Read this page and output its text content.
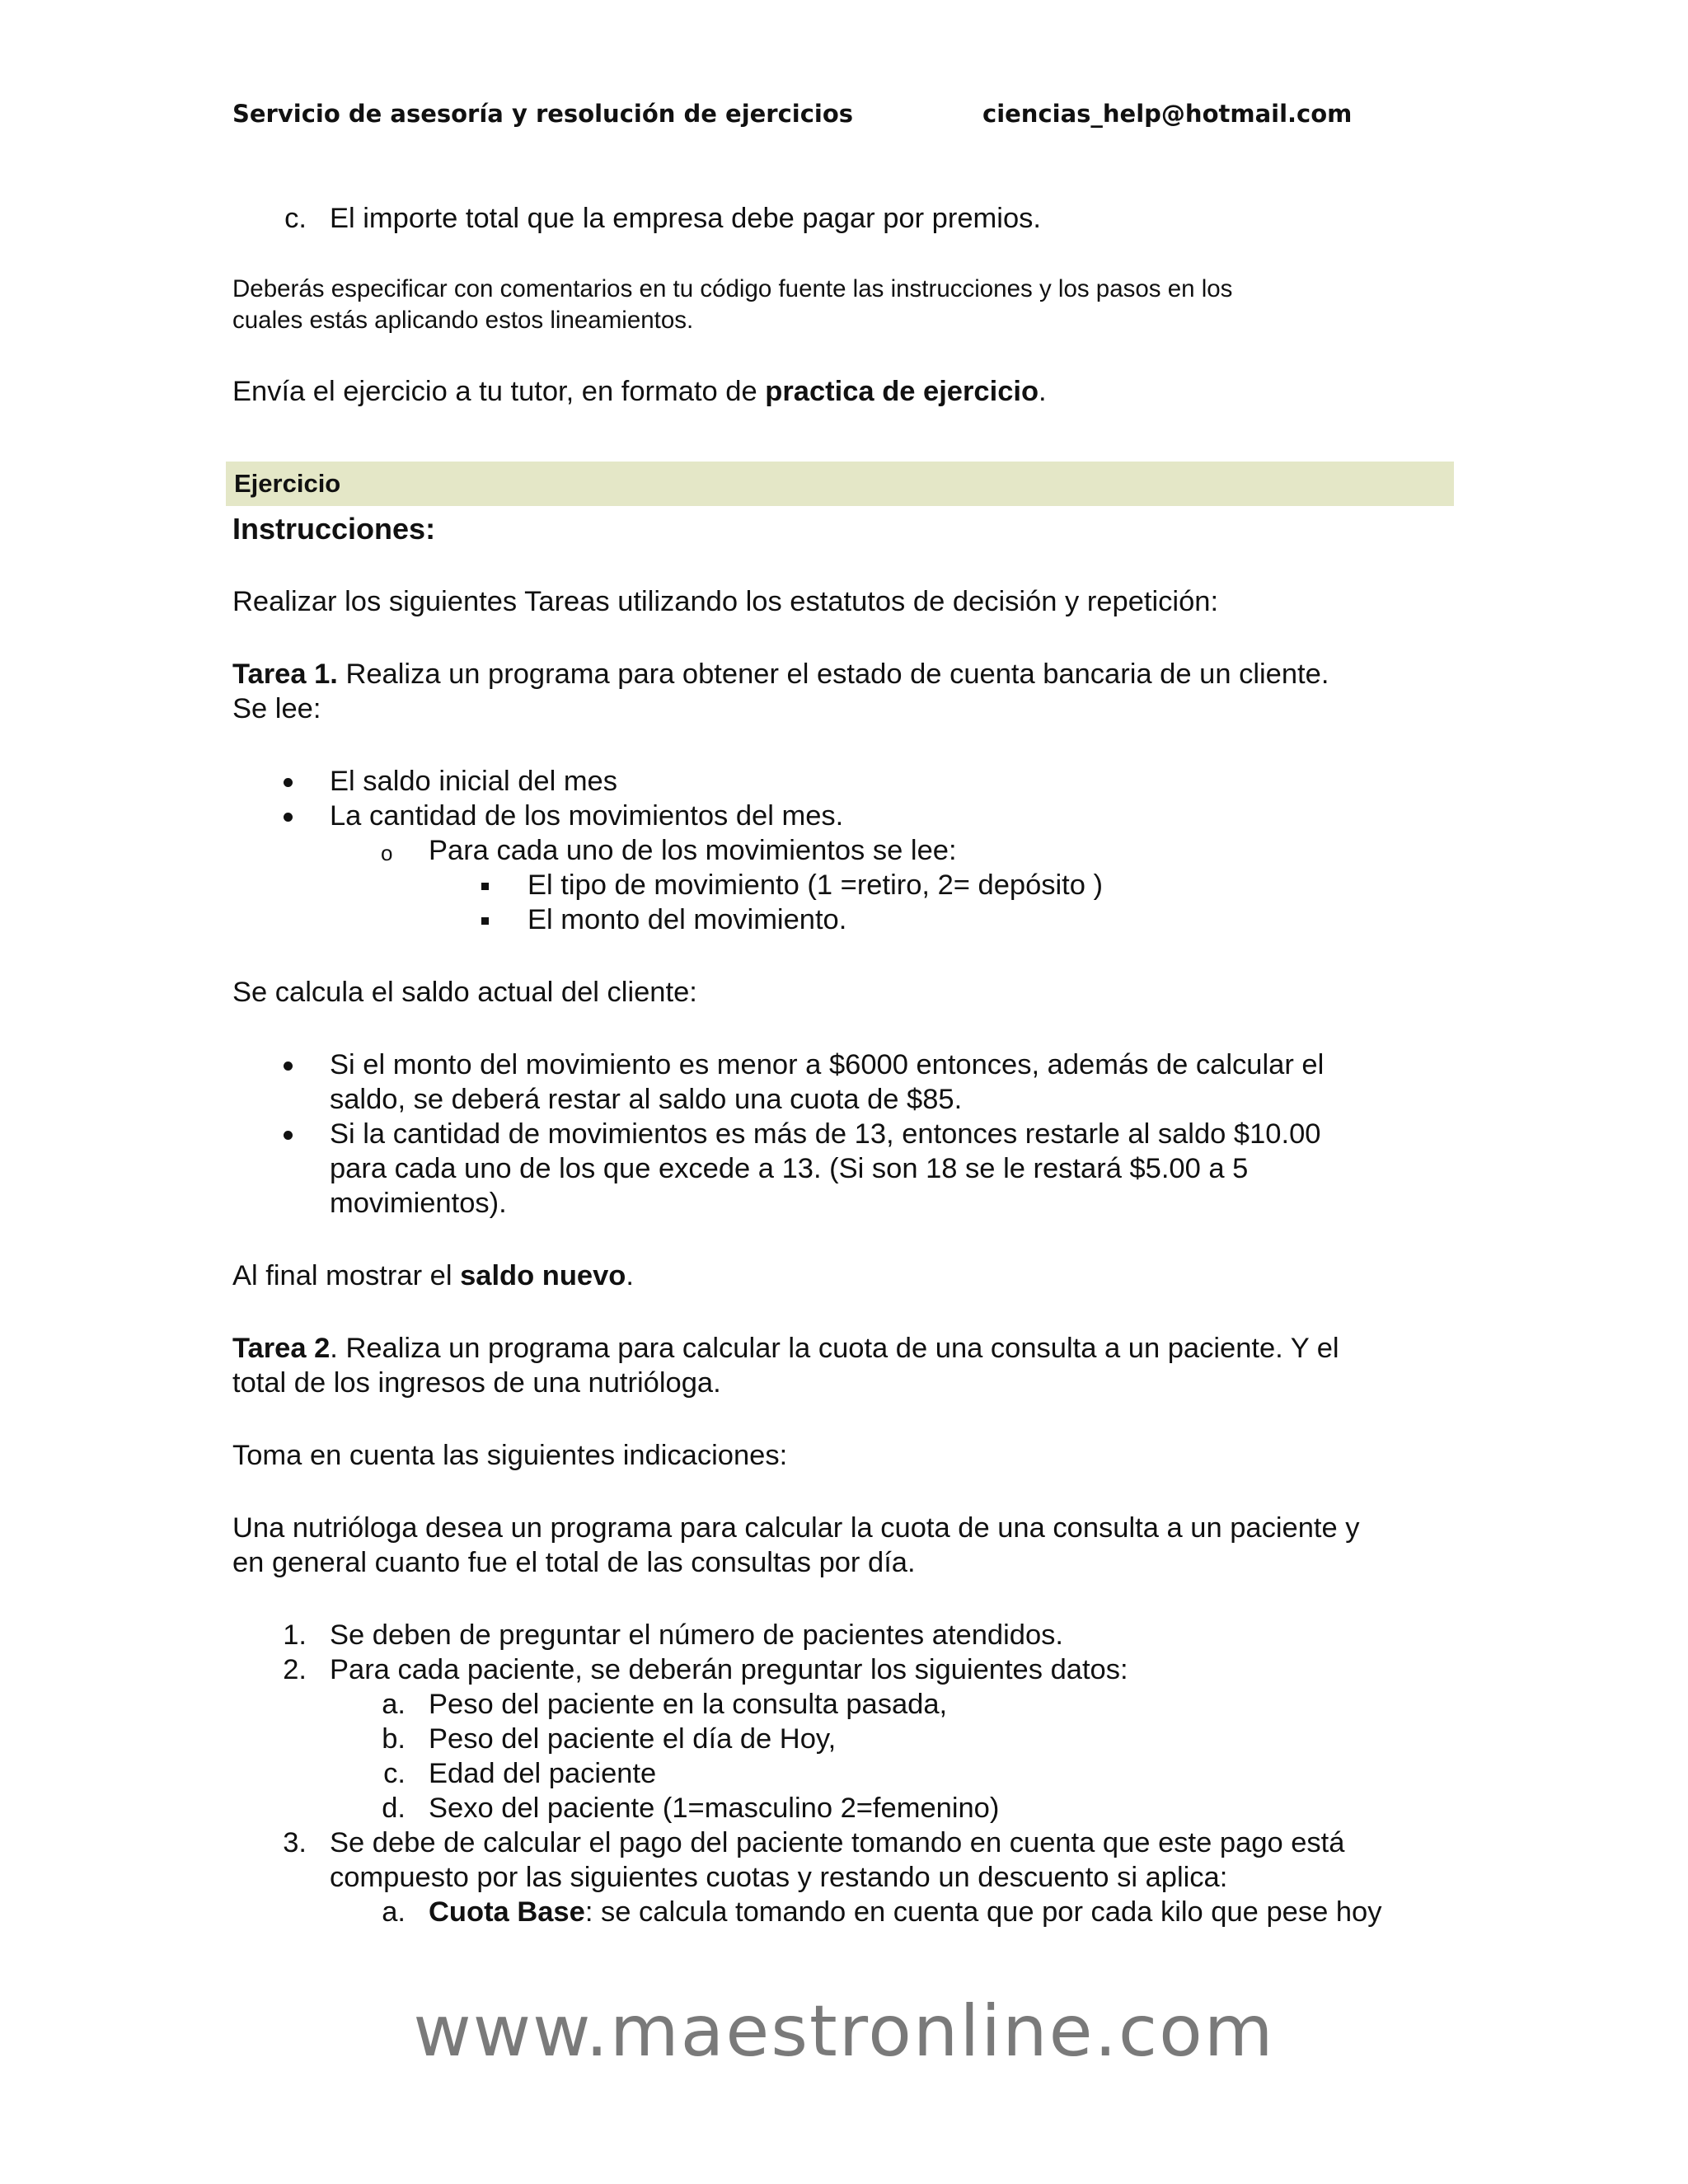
Servicio de asesoría y resolución de ejercicios	ciencias_help@hotmail.com
c. El importe total que la empresa debe pagar por premios.
Deberás especificar con comentarios en tu código fuente las instrucciones y los pasos en los
cuales estás aplicando estos lineamientos.
Envía el ejercicio a tu tutor, en formato de practica de ejercicio.
Ejercicio
Instrucciones:
Realizar los siguientes Tareas utilizando los estatutos de decisión y repetición:
Tarea 1. Realiza un programa para obtener el estado de cuenta bancaria de un cliente.
Se lee:
El saldo inicial del mes
La cantidad de los movimientos del mes.
o Para cada uno de los movimientos se lee:
El tipo de movimiento (1 =retiro, 2= depósito )
El monto del movimiento.
Se calcula el saldo actual del cliente:
Si el monto del movimiento es menor a $6000 entonces, además de calcular el
saldo, se deberá restar al saldo una cuota de $85.
Si la cantidad de movimientos es más de 13, entonces restarle al saldo $10.00
para cada uno de los que excede a 13. (Si son 18 se le restará $5.00 a 5
movimientos).
Al final mostrar el saldo nuevo.
Tarea 2. Realiza un programa para calcular la cuota de una consulta a un paciente. Y el
total de los ingresos de una nutrióloga.
Toma en cuenta las siguientes indicaciones:
Una nutrióloga desea un programa para calcular la cuota de una consulta a un paciente y
en general cuanto fue el total de las consultas por día.
1. Se deben de preguntar el número de pacientes atendidos.
2. Para cada paciente, se deberán preguntar los siguientes datos:
a. Peso del paciente en la consulta pasada,
b. Peso del paciente el día de Hoy,
c. Edad del paciente
d. Sexo del paciente (1=masculino 2=femenino)
3. Se debe de calcular el pago del paciente tomando en cuenta que este pago está
compuesto por las siguientes cuotas y restando un descuento si aplica:
a. Cuota Base: se calcula tomando en cuenta que por cada kilo que pese hoy
www.maestronline.com
